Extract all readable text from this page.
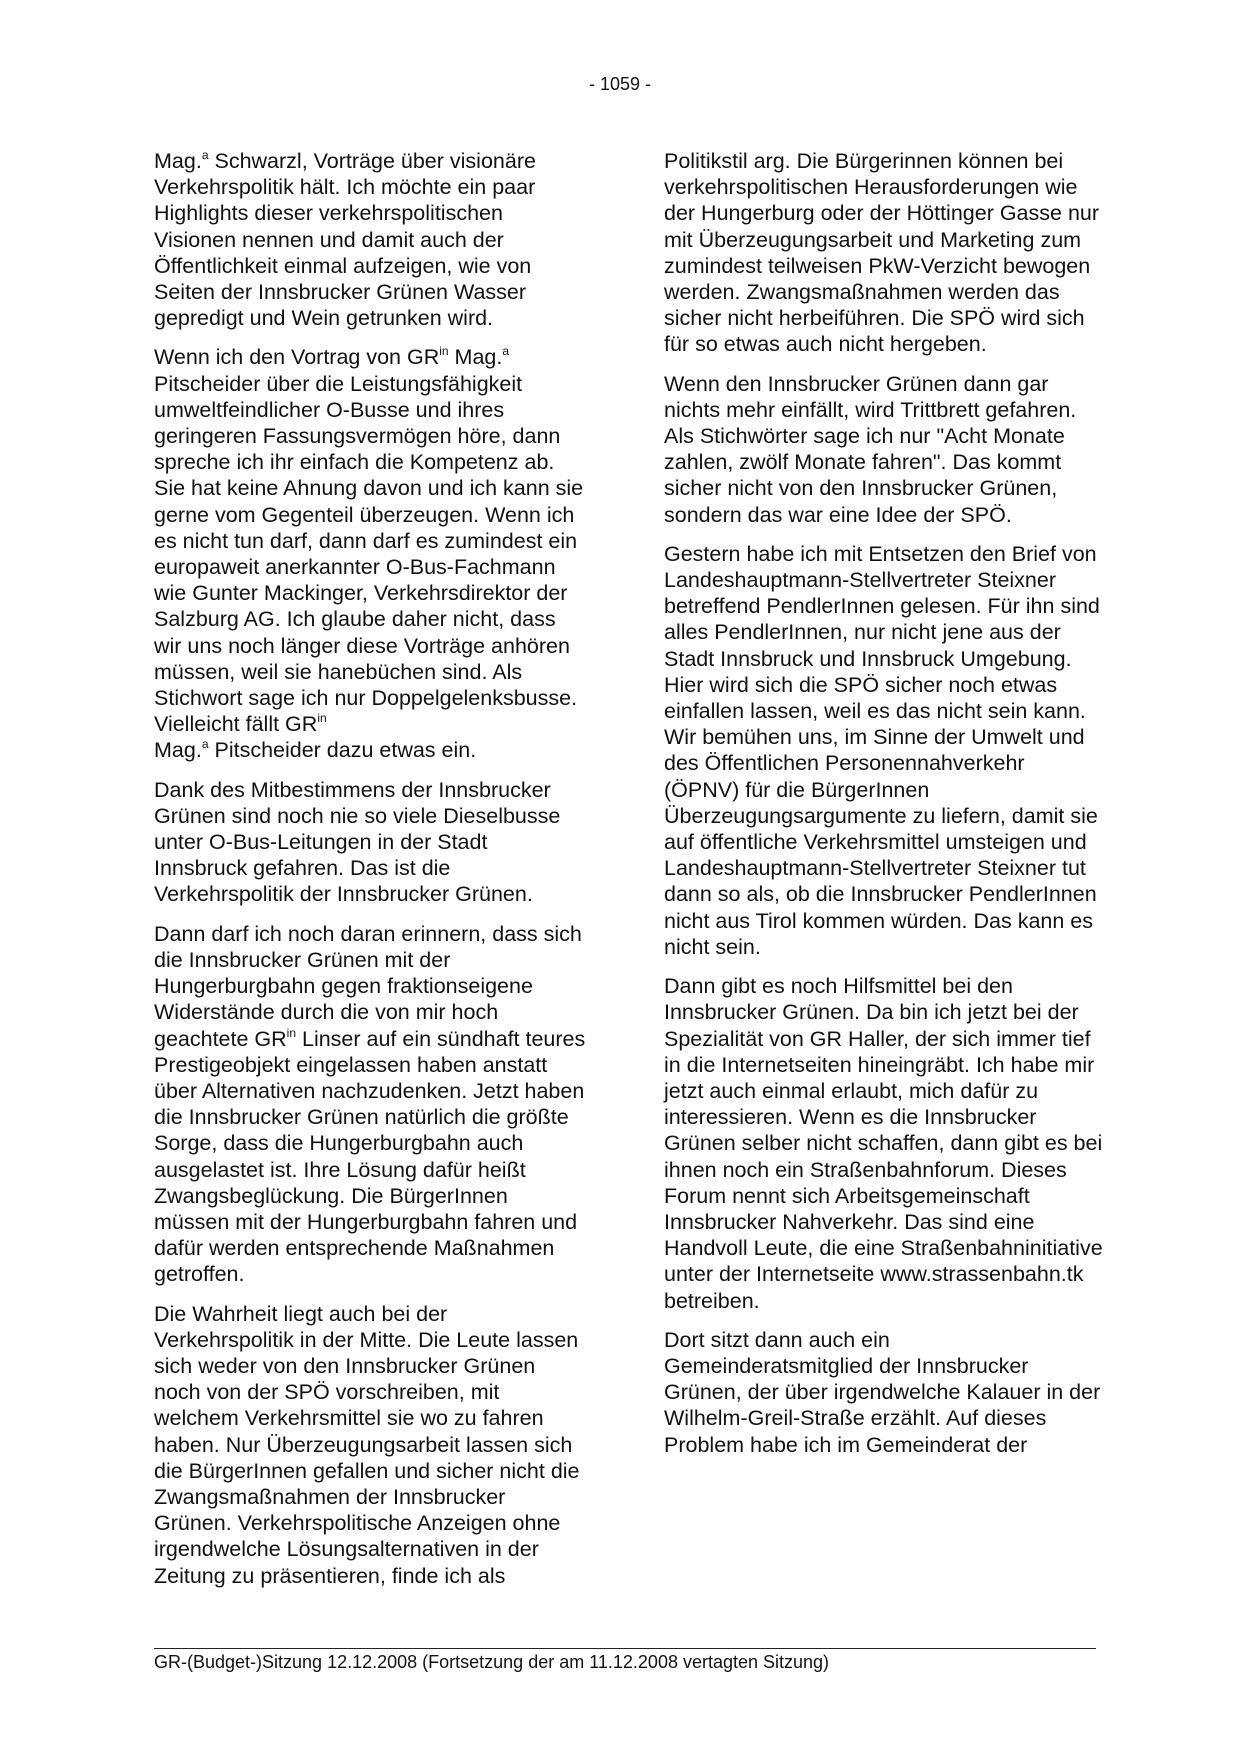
- 1059 -

Mag.$^a$ Schwarzl, Vorträge über visionäre Verkehrspolitik hält. Ich möchte ein paar Highlights dieser verkehrspolitischen Visionen nennen und damit auch der Öffentlichkeit einmal aufzeigen, wie von Seiten der Innsbrucker Grünen Wasser gepredigt und Wein getrunken wird.

Wenn ich den Vortrag von $GR^{in}$ Mag.$^a$ Pitscheider über die Leistungsfähigkeit umweltfeindlicher O-Busse und ihres geringeren Fassungsvermögen höre, dann spreche ich ihr einfach die Kompetenz ab. Sie hat keine Ahnung davon und ich kann sie gerne vom Gegenteil überzeugen. Wenn ich es nicht tun darf, dann darf es zumindest ein europaweit anerkannter O-Bus-Fachmann wie Gunter Mackinger, Verkehrsdirektor der Salzburg AG. Ich glaube daher nicht, dass wir uns noch länger diese Vorträge anhören müssen, weil sie hanebüchen sind. Als Stichwort sage ich nur Doppelgelenksbusse. Vielleicht fällt $GR^{in}$
Mag.$^a$ Pitscheider dazu etwas ein.

Dank des Mitbestimmens der Innsbrucker Grünen sind noch nie so viele Dieselbusse unter O-Bus-Leitungen in der Stadt Innsbruck gefahren. Das ist die Verkehrspolitik der Innsbrucker Grünen.

Dann darf ich noch daran erinnern, dass sich die Innsbrucker Grünen mit der Hungerburgbahn gegen fraktionseigene Widerstände durch die von mir hoch geachtete $GR^{in}$ Linser auf ein sündhaft teures Prestigeobjekt eingelassen haben anstatt über Alternativen nachzudenken. Jetzt haben die Innsbrucker Grünen natürlich die größte Sorge, dass die Hungerburgbahn auch ausgelastet ist. Ihre Lösung dafür heißt Zwangsbeglückung. Die BürgerInnen müssen mit der Hungerburgbahn fahren und dafür werden entsprechende Maßnahmen getroffen.

Die Wahrheit liegt auch bei der Verkehrspolitik in der Mitte. Die Leute lassen sich weder von den Innsbrucker Grünen noch von der SPÖ vorschreiben, mit welchem Verkehrsmittel sie wo zu fahren haben. Nur Überzeugungsarbeit lassen sich die BürgerInnen gefallen und sicher nicht die Zwangsmaßnahmen der Innsbrucker Grünen. Verkehrspolitische Anzeigen ohne irgendwelche Lösungsalternativen in der Zeitung zu präsentieren, finde ich als

Politikstil arg. Die Bürgerinnen können bei verkehrspolitischen Herausforderungen wie der Hungerburg oder der Höttinger Gasse nur mit Überzeugungsarbeit und Marketing zum zumindest teilweisen PkW-Verzicht bewogen werden. Zwangsmaßnahmen werden das sicher nicht herbeiführen. Die SPÖ wird sich für so etwas auch nicht hergeben.

Wenn den Innsbrucker Grünen dann gar nichts mehr einfällt, wird Trittbrett gefahren. Als Stichwörter sage ich nur "Acht Monate zahlen, zwölf Monate fahren". Das kommt sicher nicht von den Innsbrucker Grünen, sondern das war eine Idee der SPÖ.

Gestern habe ich mit Entsetzen den Brief von Landeshauptmann-Stellvertreter Steixner betreffend PendlerInnen gelesen. Für ihn sind alles PendlerInnen, nur nicht jene aus der Stadt Innsbruck und Innsbruck Umgebung. Hier wird sich die SPÖ sicher noch etwas einfallen lassen, weil es das nicht sein kann. Wir bemühen uns, im Sinne der Umwelt und des Öffentlichen Personennahverkehr (ÖPNV) für die BürgerInnen Überzeugungsargumente zu liefern, damit sie auf öffentliche Verkehrsmittel umsteigen und Landeshauptmann-Stellvertreter Steixner tut dann so als, ob die Innsbrucker PendlerInnen nicht aus Tirol kommen würden. Das kann es nicht sein.

Dann gibt es noch Hilfsmittel bei den Innsbrucker Grünen. Da bin ich jetzt bei der Spezialität von GR Haller, der sich immer tief in die Internetseiten hineingräbt. Ich habe mir jetzt auch einmal erlaubt, mich dafür zu interessieren. Wenn es die Innsbrucker Grünen selber nicht schaffen, dann gibt es bei ihnen noch ein Straßenbahnforum. Dieses Forum nennt sich Arbeitsgemeinschaft Innsbrucker Nahverkehr. Das sind eine Handvoll Leute, die eine Straßenbahninitiative unter der Internetseite www.strassenbahn.tk betreiben.

Dort sitzt dann auch ein Gemeinderatsmitglied der Innsbrucker Grünen, der über irgendwelche Kalauer in der Wilhelm-Greil-Straße erzählt. Auf dieses Problem habe ich im Gemeinderat der

GR-(Budget-)Sitzung 12.12.2008 (Fortsetzung der am 11.12.2008 vertagten Sitzung)
